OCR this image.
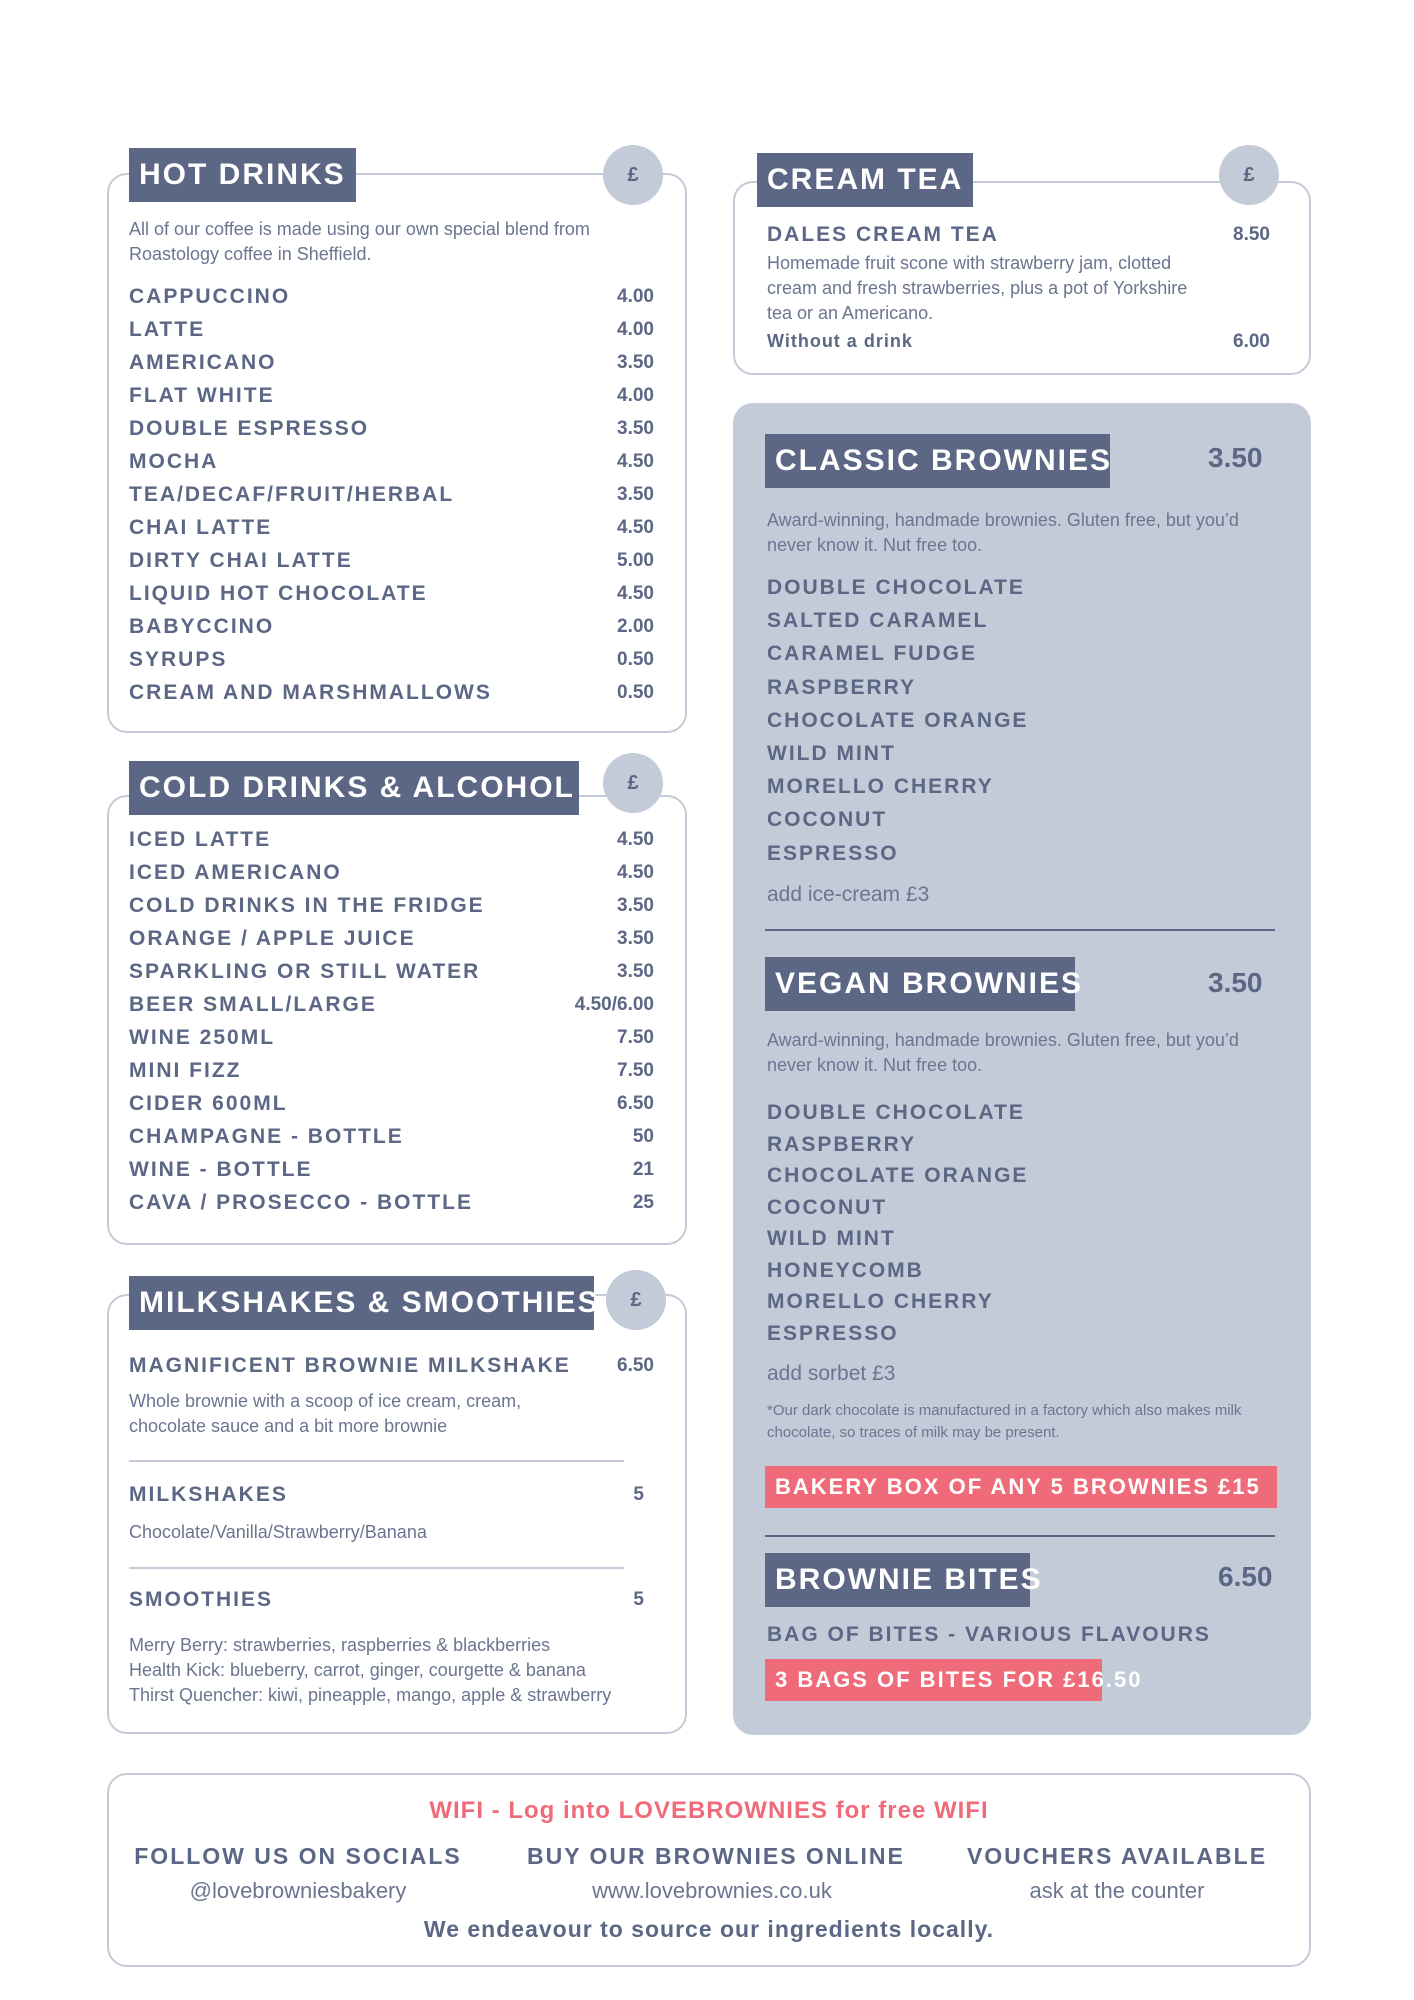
HOT DRINKS	£
All of our coffee is made using our own special blend from Roastology coffee in Sheffield.
CAPPUCCINO	4.00
LATTE	4.00
AMERICANO	3.50
FLAT WHITE	4.00
DOUBLE ESPRESSO	3.50
MOCHA	4.50
TEA/DECAF/FRUIT/HERBAL	3.50
CHAI LATTE	4.50
DIRTY CHAI LATTE	5.00
LIQUID HOT CHOCOLATE	4.50
BABYCCINO	2.00
SYRUPS	0.50
CREAM AND MARSHMALLOWS	0.50
COLD DRINKS & ALCOHOL	£
ICED LATTE	4.50
ICED AMERICANO	4.50
COLD DRINKS IN THE FRIDGE	3.50
ORANGE / APPLE JUICE	3.50
SPARKLING OR STILL WATER	3.50
BEER SMALL/LARGE	4.50/6.00
WINE 250ML	7.50
MINI FIZZ	7.50
CIDER 600ML	6.50
CHAMPAGNE - BOTTLE	50
WINE - BOTTLE	21
CAVA / PROSECCO - BOTTLE	25
MILKSHAKES & SMOOTHIES	£
MAGNIFICENT BROWNIE MILKSHAKE 6.50
Whole brownie with a scoop of ice cream, cream, chocolate sauce and a bit more brownie
MILKSHAKES	5
Chocolate/Vanilla/Strawberry/Banana
SMOOTHIES	5
Merry Berry: strawberries, raspberries & blackberries
Health Kick: blueberry, carrot, ginger, courgette & banana
Thirst Quencher: kiwi, pineapple, mango, apple & strawberry
CREAM TEA	£
DALES CREAM TEA	8.50
Homemade fruit scone with strawberry jam, clotted cream and fresh strawberries, plus a pot of Yorkshire tea or an Americano.
Without a drink	6.00
CLASSIC BROWNIES	3.50
Award-winning, handmade brownies. Gluten free, but you’d never know it. Nut free too.
DOUBLE CHOCOLATE
SALTED CARAMEL
CARAMEL FUDGE
RASPBERRY
CHOCOLATE ORANGE
WILD MINT
MORELLO CHERRY
COCONUT
ESPRESSO
add ice-cream £3
VEGAN BROWNIES	3.50
Award-winning, handmade brownies. Gluten free, but you’d never know it. Nut free too.
DOUBLE CHOCOLATE
RASPBERRY
CHOCOLATE ORANGE
COCONUT
WILD MINT
HONEYCOMB
MORELLO CHERRY
ESPRESSO
add sorbet £3
*Our dark chocolate is manufactured in a factory which also makes milk chocolate, so traces of milk may be present.
BAKERY BOX OF ANY 5 BROWNIES £15
BROWNIE BITES	6.50
BAG OF BITES - VARIOUS FLAVOURS
3 BAGS OF BITES FOR £16.50
WIFI - Log into LOVEBROWNIES for free WIFI
FOLLOW US ON SOCIALS
@lovebrowniesbakery
BUY OUR BROWNIES ONLINE
www.lovebrownies.co.uk
VOUCHERS AVAILABLE
ask at the counter
We endeavour to source our ingredients locally.
